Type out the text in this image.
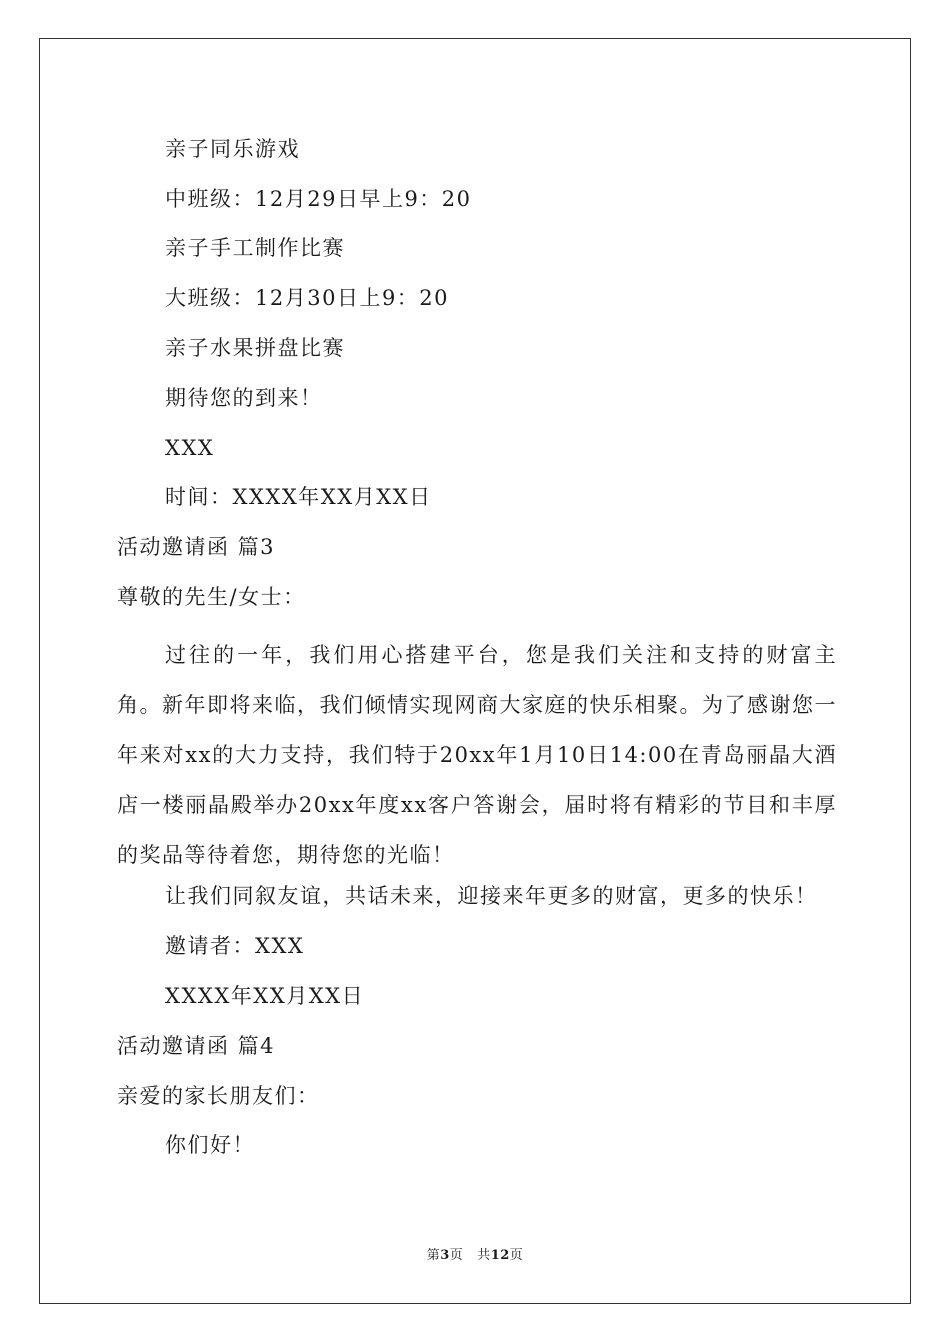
亲子同乐游戏
中班级：12月29日早上9：20
亲子手工制作比赛
大班级：12月30日上9：20
亲子水果拼盘比赛
期待您的到来！
XXX
时间：XXXX年XX月XX日
活动邀请函 篇3
尊敬的先生/女士：
过往的一年，我们用心搭建平台，您是我们关注和支持的财富主角。新年即将来临，我们倾情实现网商大家庭的快乐相聚。为了感谢您一年来对xx的大力支持，我们特于20xx年1月10日14:00在青岛丽晶大酒店一楼丽晶殿举办20xx年度xx客户答谢会，届时将有精彩的节目和丰厚的奖品等待着您，期待您的光临！
让我们同叙友谊，共话未来，迎接来年更多的财富，更多的快乐！
邀请者：XXX
XXXX年XX月XX日
活动邀请函 篇4
亲爱的家长朋友们：
你们好！
第3页 共12页
